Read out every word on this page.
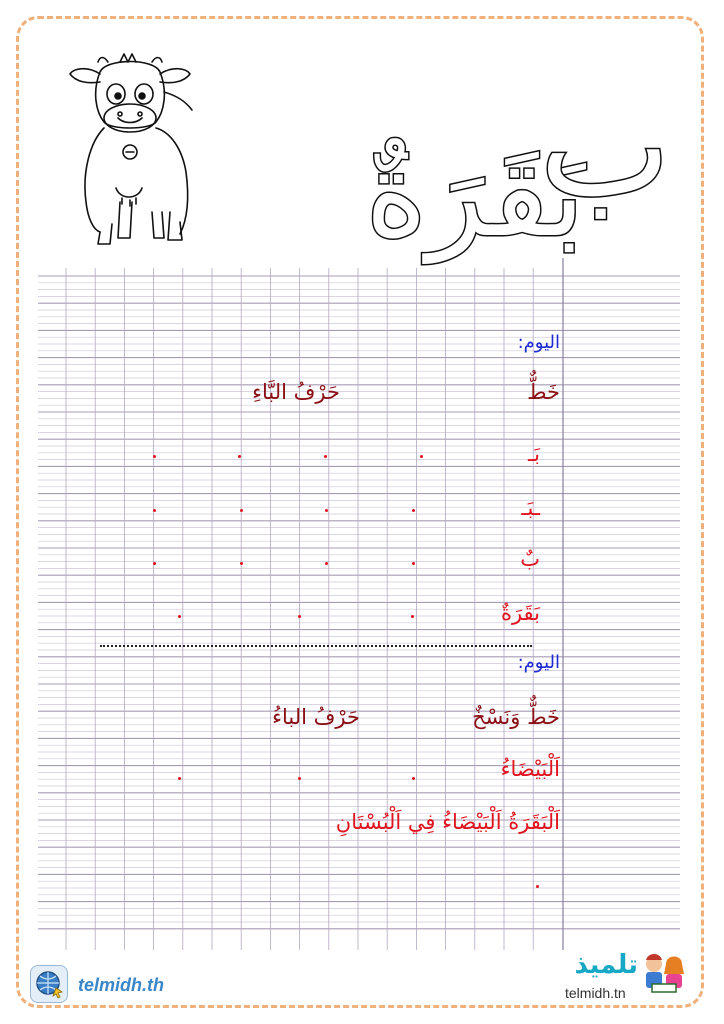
بَقَرَةٌ
ب
اليوم:
خَطٌّ
حَرْفُ البَّاءِ
بَـ
ـبَـ
بٌ
بَقَرَةٌ
اليوم:
خَطٌّ وَنَسْخٌ
حَرْفُ الباءُ
اَلْبَيْضَاءُ
اَلْبَقَرَةُ اَلْبَيْضَاءُ فِي اَلْبُسْتَانِ
telmidh.th
تلميذ
telmidh.tn
